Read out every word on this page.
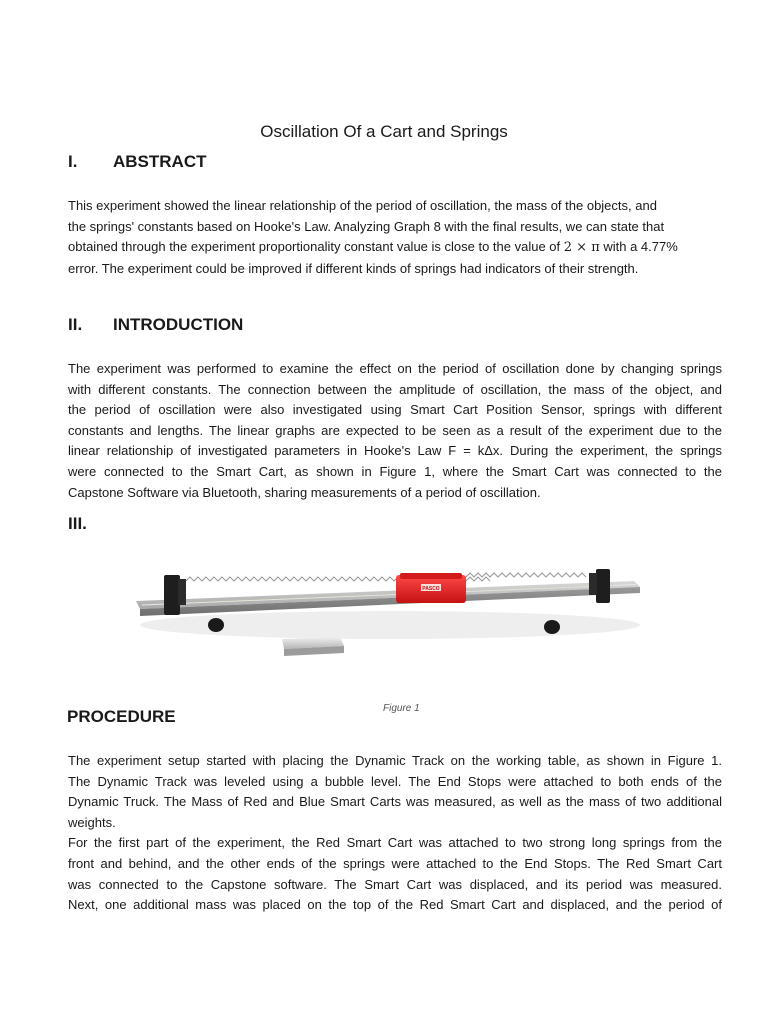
Oscillation Of a Cart and Springs
I. ABSTRACT
This experiment showed the linear relationship of the period of oscillation, the mass of the objects, and
the springs' constants based on Hooke's Law. Analyzing Graph 8 with the final results, we can state that
obtained through the experiment proportionality constant value is close to the value of 2 × π with a 4.77%
error. The experiment could be improved if different kinds of springs had indicators of their strength.
II. INTRODUCTION
The experiment was performed to examine the effect on the period of oscillation done by changing springs
with different constants. The connection between the amplitude of oscillation, the mass of the object, and
the period of oscillation were also investigated using Smart Cart Position Sensor, springs with different
constants and lengths. The linear graphs are expected to be seen as a result of the experiment due to the
linear relationship of investigated parameters in Hooke's Law F = kΔx. During the experiment, the springs
were connected to the Smart Cart, as shown in Figure 1, where the Smart Cart was connected to the
Capstone Software via Bluetooth, sharing measurements of a period of oscillation.
III.
PROCEDURE
PASCO
Figure 1
The experiment setup started with placing the Dynamic Track on the working table, as shown in Figure 1.
The Dynamic Track was leveled using a bubble level. The End Stops were attached to both ends of the
Dynamic Truck. The Mass of Red and Blue Smart Carts was measured, as well as the mass of two additional
weights.
For the first part of the experiment, the Red Smart Cart was attached to two strong long springs from the
front and behind, and the other ends of the springs were attached to the End Stops. The Red Smart Cart
was connected to the Capstone software. The Smart Cart was displaced, and its period was measured.
Next, one additional mass was placed on the top of the Red Smart Cart and displaced, and the period of
